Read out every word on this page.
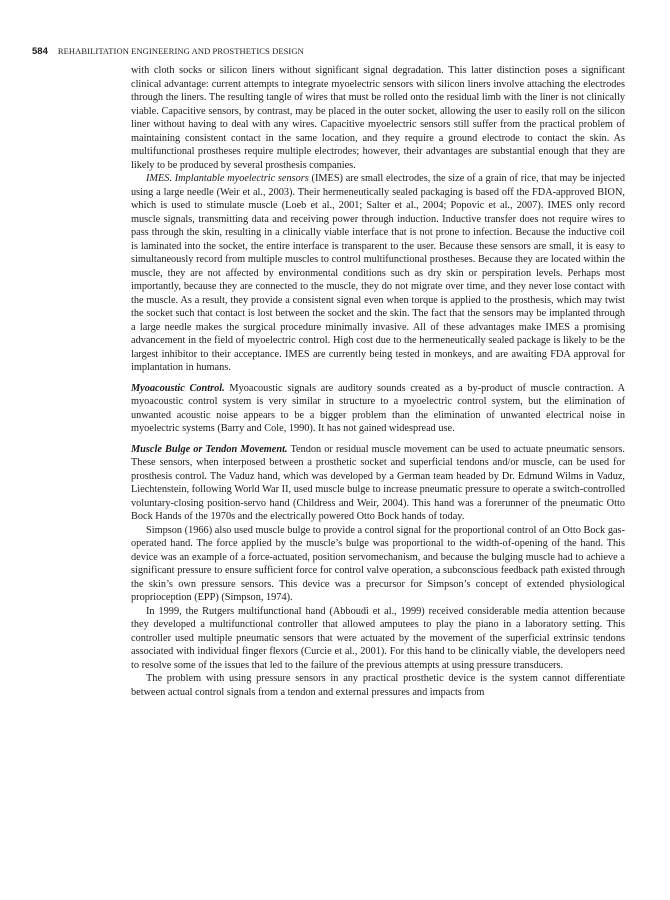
584 REHABILITATION ENGINEERING AND PROSTHETICS DESIGN

with cloth socks or silicon liners without significant signal degradation. This latter distinction poses a significant clinical advantage: current attempts to integrate myoelectric sensors with silicon liners involve attaching the electrodes through the liners. The resulting tangle of wires that must be rolled onto the residual limb with the liner is not clinically viable. Capacitive sensors, by contrast, may be placed in the outer socket, allowing the user to easily roll on the silicon liner without having to deal with any wires. Capacitive myoelectric sensors still suffer from the practical problem of maintaining consistent contact in the same location, and they require a ground electrode to contact the skin. As multifunctional prostheses require multiple electrodes; however, their advantages are substantial enough that they are likely to be produced by several prosthesis companies.

IMES. Implantable myoelectric sensors (IMES) are small electrodes, the size of a grain of rice, that may be injected using a large needle (Weir et al., 2003). Their hermeneutically sealed packaging is based off the FDA-approved BION, which is used to stimulate muscle (Loeb et al., 2001; Salter et al., 2004; Popovic et al., 2007). IMES only record muscle signals, transmitting data and receiving power through induction. Inductive transfer does not require wires to pass through the skin, resulting in a clinically viable interface that is not prone to infection. Because the inductive coil is laminated into the socket, the entire interface is transparent to the user. Because these sensors are small, it is easy to simultaneously record from multiple muscles to control multifunctional prostheses. Because they are located within the muscle, they are not affected by environmental conditions such as dry skin or perspiration levels. Perhaps most importantly, because they are connected to the muscle, they do not migrate over time, and they never lose contact with the muscle. As a result, they provide a consistent signal even when torque is applied to the prosthesis, which may twist the socket such that contact is lost between the socket and the skin. The fact that the sensors may be implanted through a large needle makes the surgical procedure minimally invasive. All of these advantages make IMES a promising advancement in the field of myoelectric control. High cost due to the hermeneutically sealed package is likely to be the largest inhibitor to their acceptance. IMES are currently being tested in monkeys, and are awaiting FDA approval for implantation in humans.

Myoacoustic Control. Myoacoustic signals are auditory sounds created as a by-product of muscle contraction. A myoacoustic control system is very similar in structure to a myoelectric control system, but the elimination of unwanted acoustic noise appears to be a bigger problem than the elimination of unwanted electrical noise in myoelectric systems (Barry and Cole, 1990). It has not gained widespread use.

Muscle Bulge or Tendon Movement. Tendon or residual muscle movement can be used to actuate pneumatic sensors. These sensors, when interposed between a prosthetic socket and superficial tendons and/or muscle, can be used for prosthesis control. The Vaduz hand, which was developed by a German team headed by Dr. Edmund Wilms in Vaduz, Liechtenstein, following World War II, used muscle bulge to increase pneumatic pressure to operate a switch-controlled voluntary-closing position-servo hand (Childress and Weir, 2004). This hand was a forerunner of the pneumatic Otto Bock Hands of the 1970s and the electrically powered Otto Bock hands of today.

Simpson (1966) also used muscle bulge to provide a control signal for the proportional control of an Otto Bock gas-operated hand. The force applied by the muscle’s bulge was proportional to the width-of-opening of the hand. This device was an example of a force-actuated, position servomechanism, and because the bulging muscle had to achieve a significant pressure to ensure sufficient force for control valve operation, a subconscious feedback path existed through the skin’s own pressure sensors. This device was a precursor for Simpson’s concept of extended physiological proprioception (EPP) (Simpson, 1974).

In 1999, the Rutgers multifunctional hand (Abboudi et al., 1999) received considerable media attention because they developed a multifunctional controller that allowed amputees to play the piano in a laboratory setting. This controller used multiple pneumatic sensors that were actuated by the movement of the superficial extrinsic tendons associated with individual finger flexors (Curcie et al., 2001). For this hand to be clinically viable, the developers need to resolve some of the issues that led to the failure of the previous attempts at using pressure transducers.

The problem with using pressure sensors in any practical prosthetic device is the system cannot differentiate between actual control signals from a tendon and external pressures and impacts from
